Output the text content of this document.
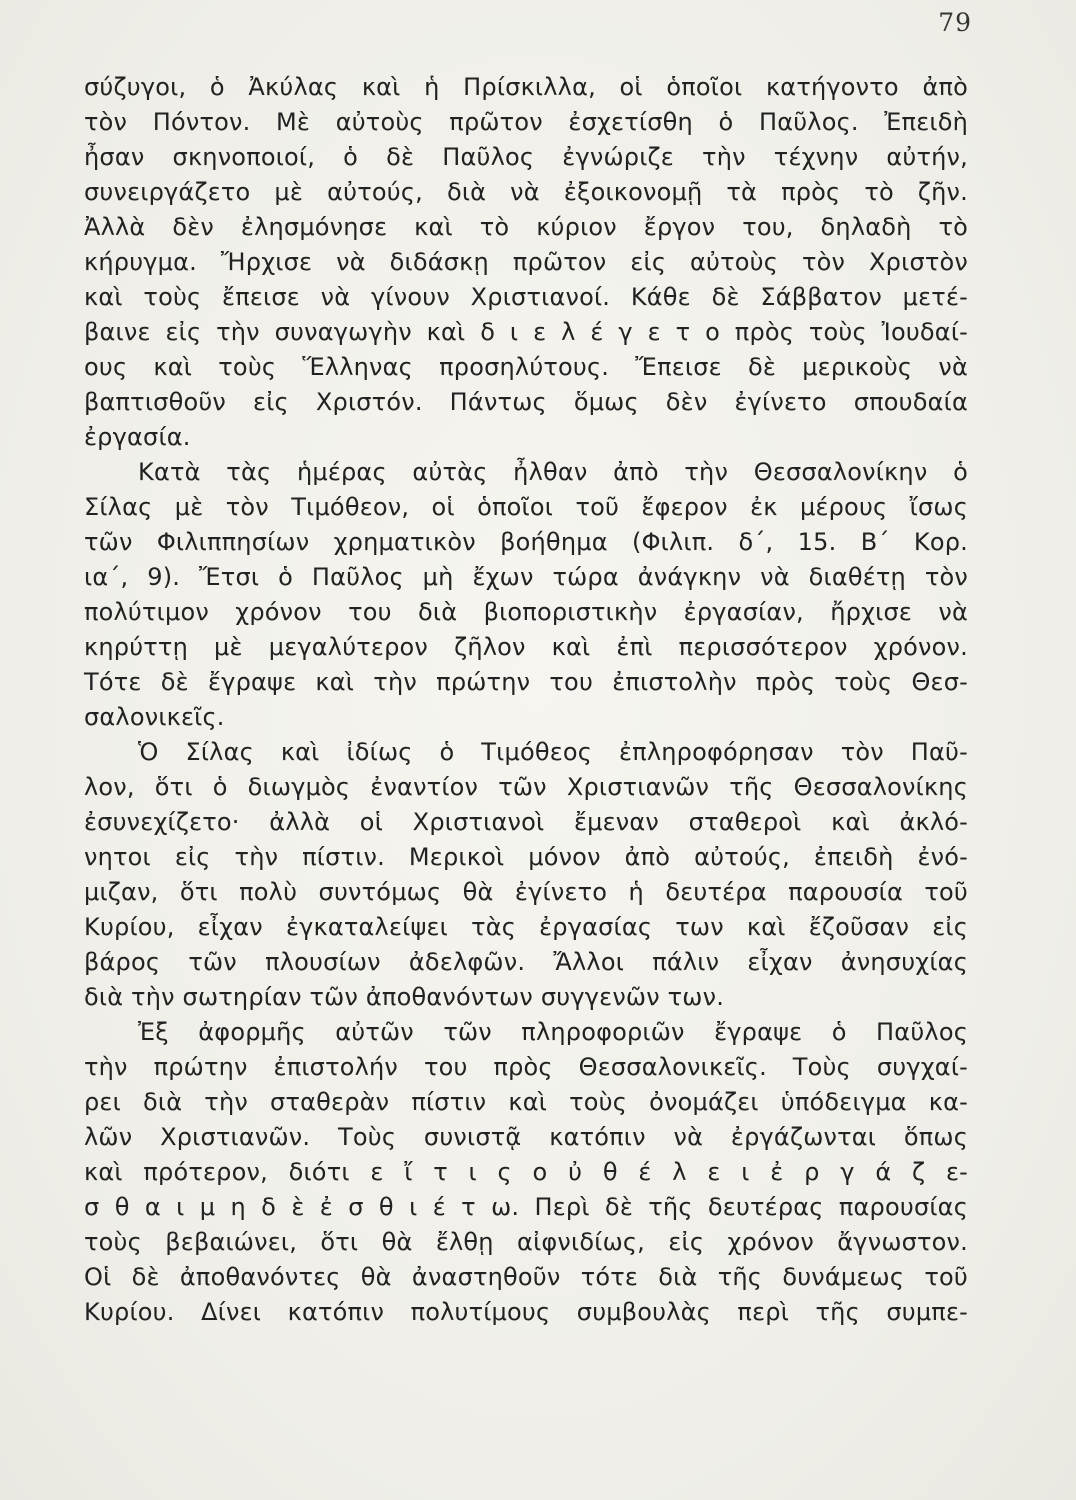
79
σύζυγοι, ὁ Ἀκύλας καὶ ἡ Πρίσκιλλα, οἱ ὁποῖοι κατήγοντο ἀπὸ
τὸν Πόντον. Μὲ αὐτοὺς πρῶτον ἐσχετίσθη ὁ Παῦλος. Ἐπειδὴ
ἦσαν σκηνοποιοί, ὁ δὲ Παῦλος ἐγνώριζε τὴν τέχνην αὐτήν,
συνειργάζετο μὲ αὐτούς, διὰ νὰ ἐξοικονομῇ τὰ πρὸς τὸ ζῆν.
Ἀλλὰ δὲν ἐλησμόνησε καὶ τὸ κύριον ἔργον του, δηλαδὴ τὸ
κήρυγμα. Ἤρχισε νὰ διδάσκῃ πρῶτον εἰς αὐτοὺς τὸν Χριστὸν
καὶ τοὺς ἔπεισε νὰ γίνουν Χριστιανοί. Κάθε δὲ Σάββατον μετέ-
βαινε εἰς τὴν συναγωγὴν καὶ δ ι ε λ έ γ ε τ ο πρὸς τοὺς Ἰουδαί-
ους καὶ τοὺς Ἕλληνας προσηλύτους. Ἔπεισε δὲ μερικοὺς νὰ
βαπτισθοῦν εἰς Χριστόν. Πάντως ὅμως δὲν ἐγίνετο σπουδαία
ἐργασία.
Κατὰ τὰς ἡμέρας αὐτὰς ἦλθαν ἀπὸ τὴν Θεσσαλονίκην ὁ
Σίλας μὲ τὸν Τιμόθεον, οἱ ὁποῖοι τοῦ ἔφερον ἐκ μέρους ἴσως
τῶν Φιλιππησίων χρηματικὸν βοήθημα (Φιλιπ. δ΄, 15. Β΄ Κορ.
ια΄, 9). Ἔτσι ὁ Παῦλος μὴ ἔχων τώρα ἀνάγκην νὰ διαθέτῃ τὸν
πολύτιμον χρόνον του διὰ βιοποριστικὴν ἐργασίαν, ἤρχισε νὰ
κηρύττῃ μὲ μεγαλύτερον ζῆλον καὶ ἐπὶ περισσότερον χρόνον.
Τότε δὲ ἔγραψε καὶ τὴν πρώτην του ἐπιστολὴν πρὸς τοὺς Θεσ-
σαλονικεῖς.
Ὁ Σίλας καὶ ἰδίως ὁ Τιμόθεος ἐπληροφόρησαν τὸν Παῦ-
λον, ὅτι ὁ διωγμὸς ἐναντίον τῶν Χριστιανῶν τῆς Θεσσαλονίκης
ἐσυνεχίζετο· ἀλλὰ οἱ Χριστιανοὶ ἔμεναν σταθεροὶ καὶ ἀκλό-
νητοι εἰς τὴν πίστιν. Μερικοὶ μόνον ἀπὸ αὐτούς, ἐπειδὴ ἐνό-
μιζαν, ὅτι πολὺ συντόμως θὰ ἐγίνετο ἡ δευτέρα παρουσία τοῦ
Κυρίου, εἶχαν ἐγκαταλείψει τὰς ἐργασίας των καὶ ἔζοῦσαν εἰς
βάρος τῶν πλουσίων ἀδελφῶν. Ἄλλοι πάλιν εἶχαν ἀνησυχίας
διὰ τὴν σωτηρίαν τῶν ἀποθανόντων συγγενῶν των.
Ἐξ ἀφορμῆς αὐτῶν τῶν πληροφοριῶν ἔγραψε ὁ Παῦλος
τὴν πρώτην ἐπιστολήν του πρὸς Θεσσαλονικεῖς. Τοὺς συγχαί-
ρει διὰ τὴν σταθερὰν πίστιν καὶ τοὺς ὀνομάζει ὑπόδειγμα κα-
λῶν Χριστιανῶν. Τοὺς συνιστᾷ κατόπιν νὰ ἐργάζωνται ὅπως
καὶ πρότερον, διότι ε ἴ τ ι ς ο ὐ θ έ λ ε ι ἐ ρ γ ά ζ ε-
σ θ α ι μ η δ ὲ ἐ σ θ ι έ τ ω. Περὶ δὲ τῆς δευτέρας παρουσίας
τοὺς βεβαιώνει, ὅτι θὰ ἔλθῃ αἰφνιδίως, εἰς χρόνον ἄγνωστον.
Οἱ δὲ ἀποθανόντες θὰ ἀναστηθοῦν τότε διὰ τῆς δυνάμεως τοῦ
Κυρίου. Δίνει κατόπιν πολυτίμους συμβουλὰς περὶ τῆς συμπε-
